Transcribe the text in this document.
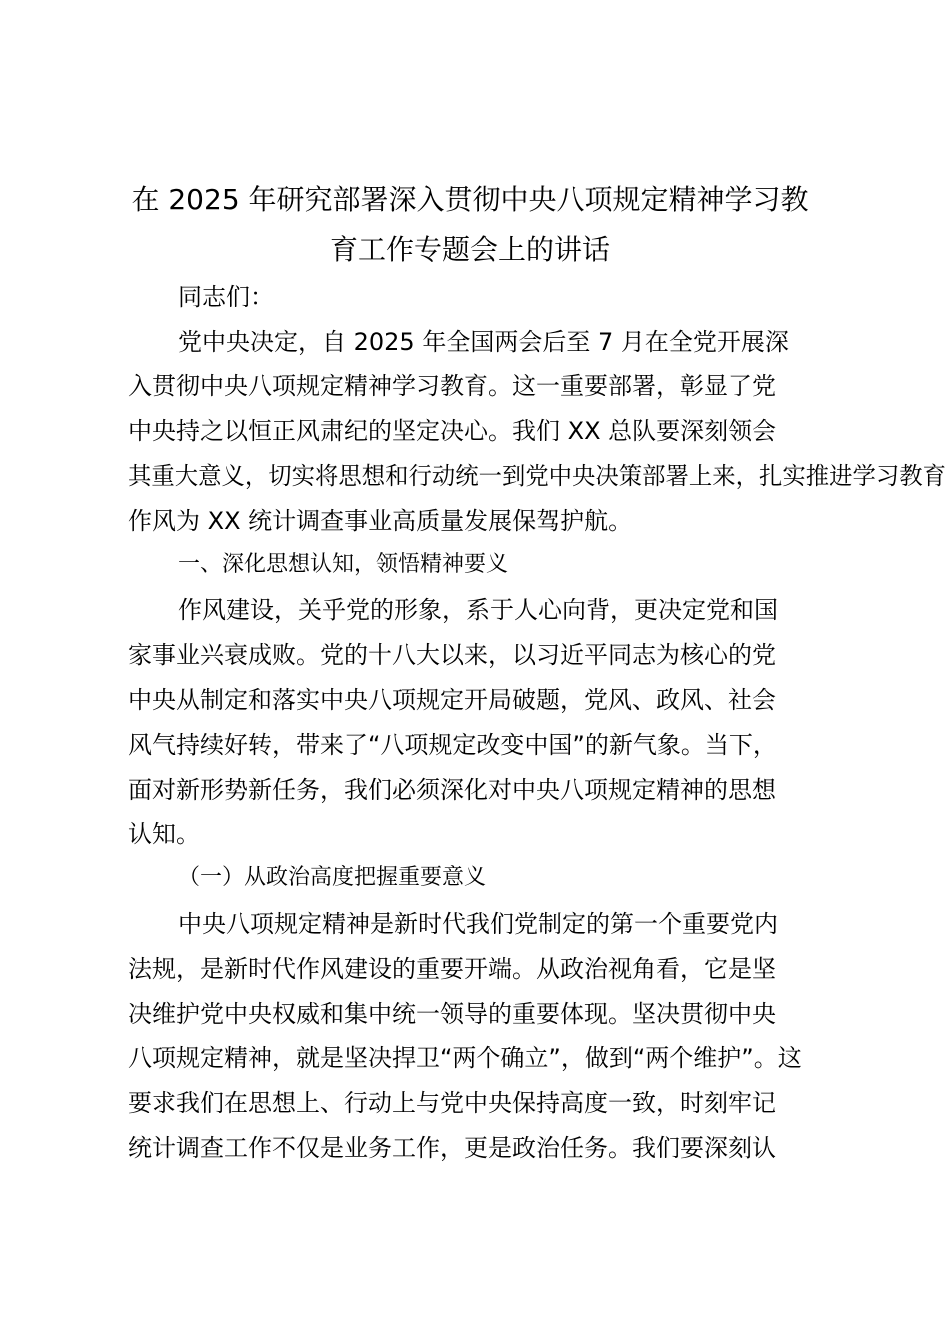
在 2025 年研究部署深入贯彻中央八项规定精神学习教
育工作专题会上的讲话
同志们：
党中央决定，自 2025 年全国两会后至 7 月在全党开展深
入贯彻中央八项规定精神学习教育。这一重要部署，彰显了党
中央持之以恒正风肃纪的坚定决心。我们 XX 总队要深刻领会
其重大意义，切实将思想和行动统一到党中央决策部署上来，扎实推进学习教育
作风为 XX 统计调查事业高质量发展保驾护航。
一、深化思想认知，领悟精神要义
作风建设，关乎党的形象，系于人心向背，更决定党和国
家事业兴衰成败。党的十八大以来，以习近平同志为核心的党
中央从制定和落实中央八项规定开局破题，党风、政风、社会
风气持续好转，带来了“八项规定改变中国”的新气象。当下，
面对新形势新任务，我们必须深化对中央八项规定精神的思想
认知。
（一）从政治高度把握重要意义
中央八项规定精神是新时代我们党制定的第一个重要党内
法规，是新时代作风建设的重要开端。从政治视角看，它是坚
决维护党中央权威和集中统一领导的重要体现。坚决贯彻中央
八项规定精神，就是坚决捍卫“两个确立”，做到“两个维护”。这
要求我们在思想上、行动上与党中央保持高度一致，时刻牢记
统计调查工作不仅是业务工作，更是政治任务。我们要深刻认
